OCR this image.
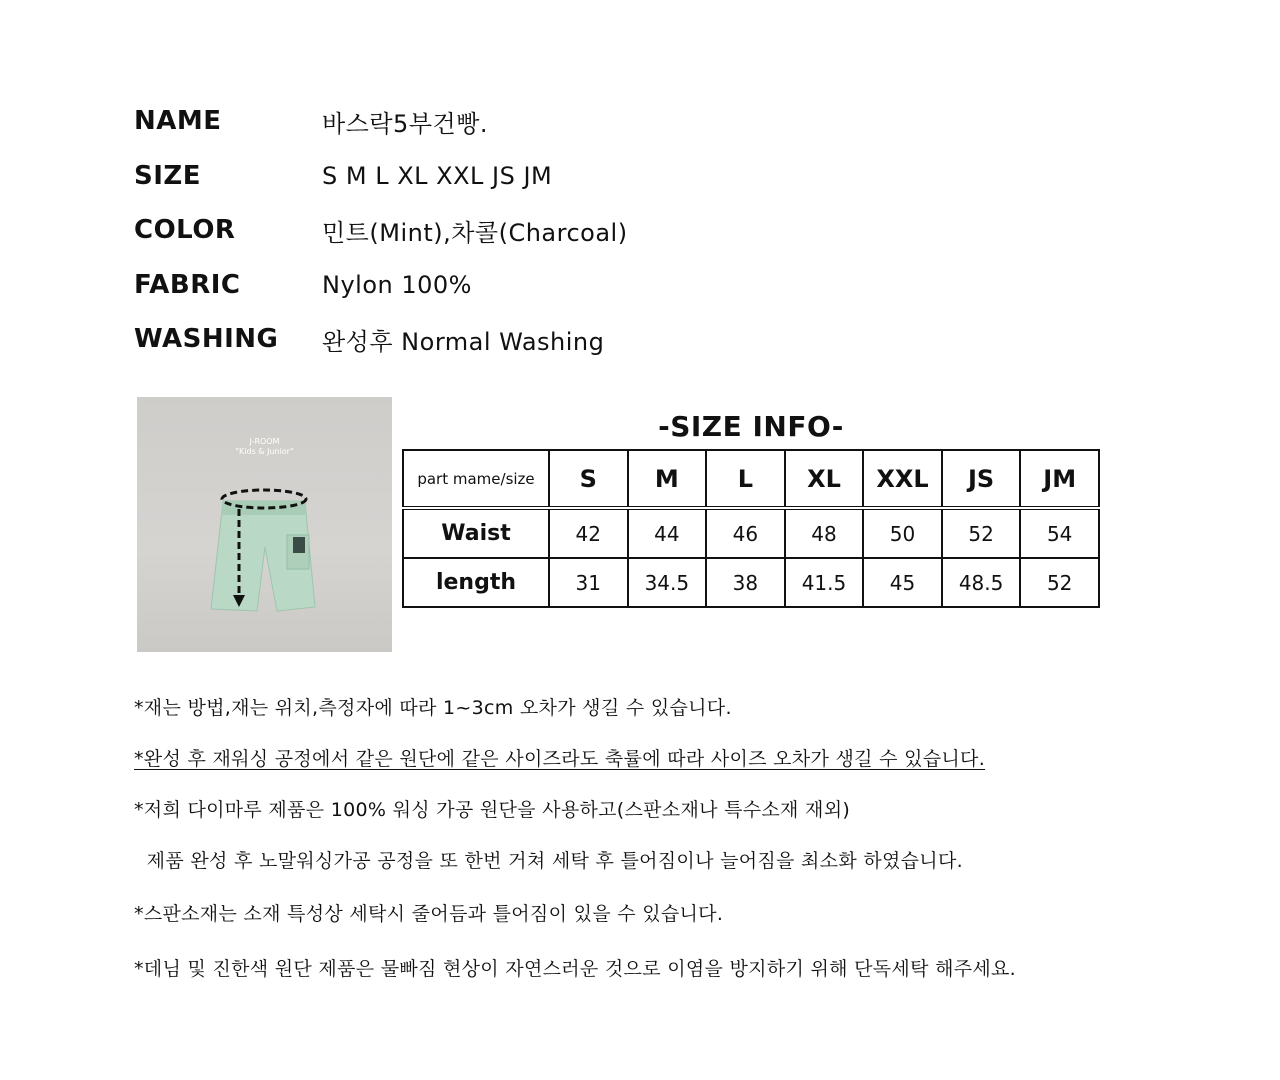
NAME	바스락5부건빵.
SIZE	S M L XL XXL JS JM
COLOR	민트(Mint),차콜(Charcoal)
FABRIC	Nylon 100%
WASHING	완성후 Normal Washing
J-ROOM
"Kids & Junior"
-SIZE INFO-
part mame/size	S	M	L	XL	XXL	JS	JM
Waist	42	44	46	48	50	52	54
length	31	34.5	38	41.5	45	48.5	52
*재는 방법,재는 위치,측정자에 따라 1~3cm 오차가 생길 수 있습니다.
*완성 후 재워싱 공정에서 같은 원단에 같은 사이즈라도 축률에 따라 사이즈 오차가 생길 수 있습니다.
*저희 다이마루 제품은 100% 워싱 가공 원단을 사용하고(스판소재나 특수소재 재외)
제품 완성 후 노말워싱가공 공정을 또 한번 거쳐 세탁 후 틀어짐이나 늘어짐을 최소화 하였습니다.
*스판소재는 소재 특성상 세탁시 줄어듬과 틀어짐이 있을 수 있습니다.
*데님 및 진한색 원단 제품은 물빠짐 현상이 자연스러운 것으로 이염을 방지하기 위해 단독세탁 해주세요.
